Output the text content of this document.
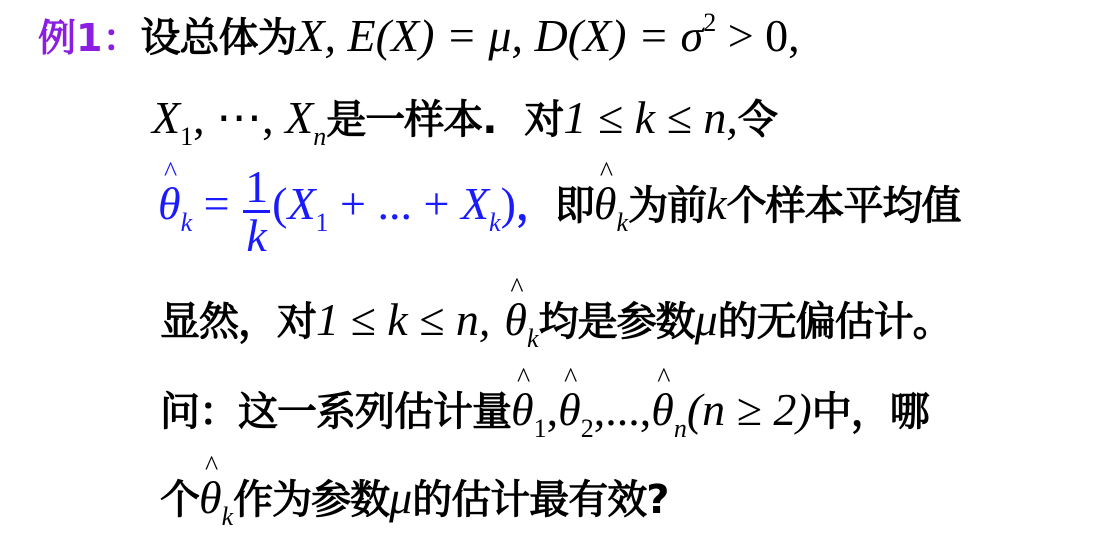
例1：设总体为X, E(X) = μ, D(X) = σ2 > 0,
X1, ⋯, Xn是一样本. 对1 ≤ k ≤ n,令
^ $\theta k = \frac{1}{k} (X1$ + ... + Xk)，即^ θk为前k个样本平均值
显然，对1 ≤ k ≤ n,^ θk均是参数μ的无偏估计。
问：这一系列估计量^ θ1,^ θ2,...,^ θn(n ≥ 2)中，哪
个^ θk作为参数μ的估计最有效?
